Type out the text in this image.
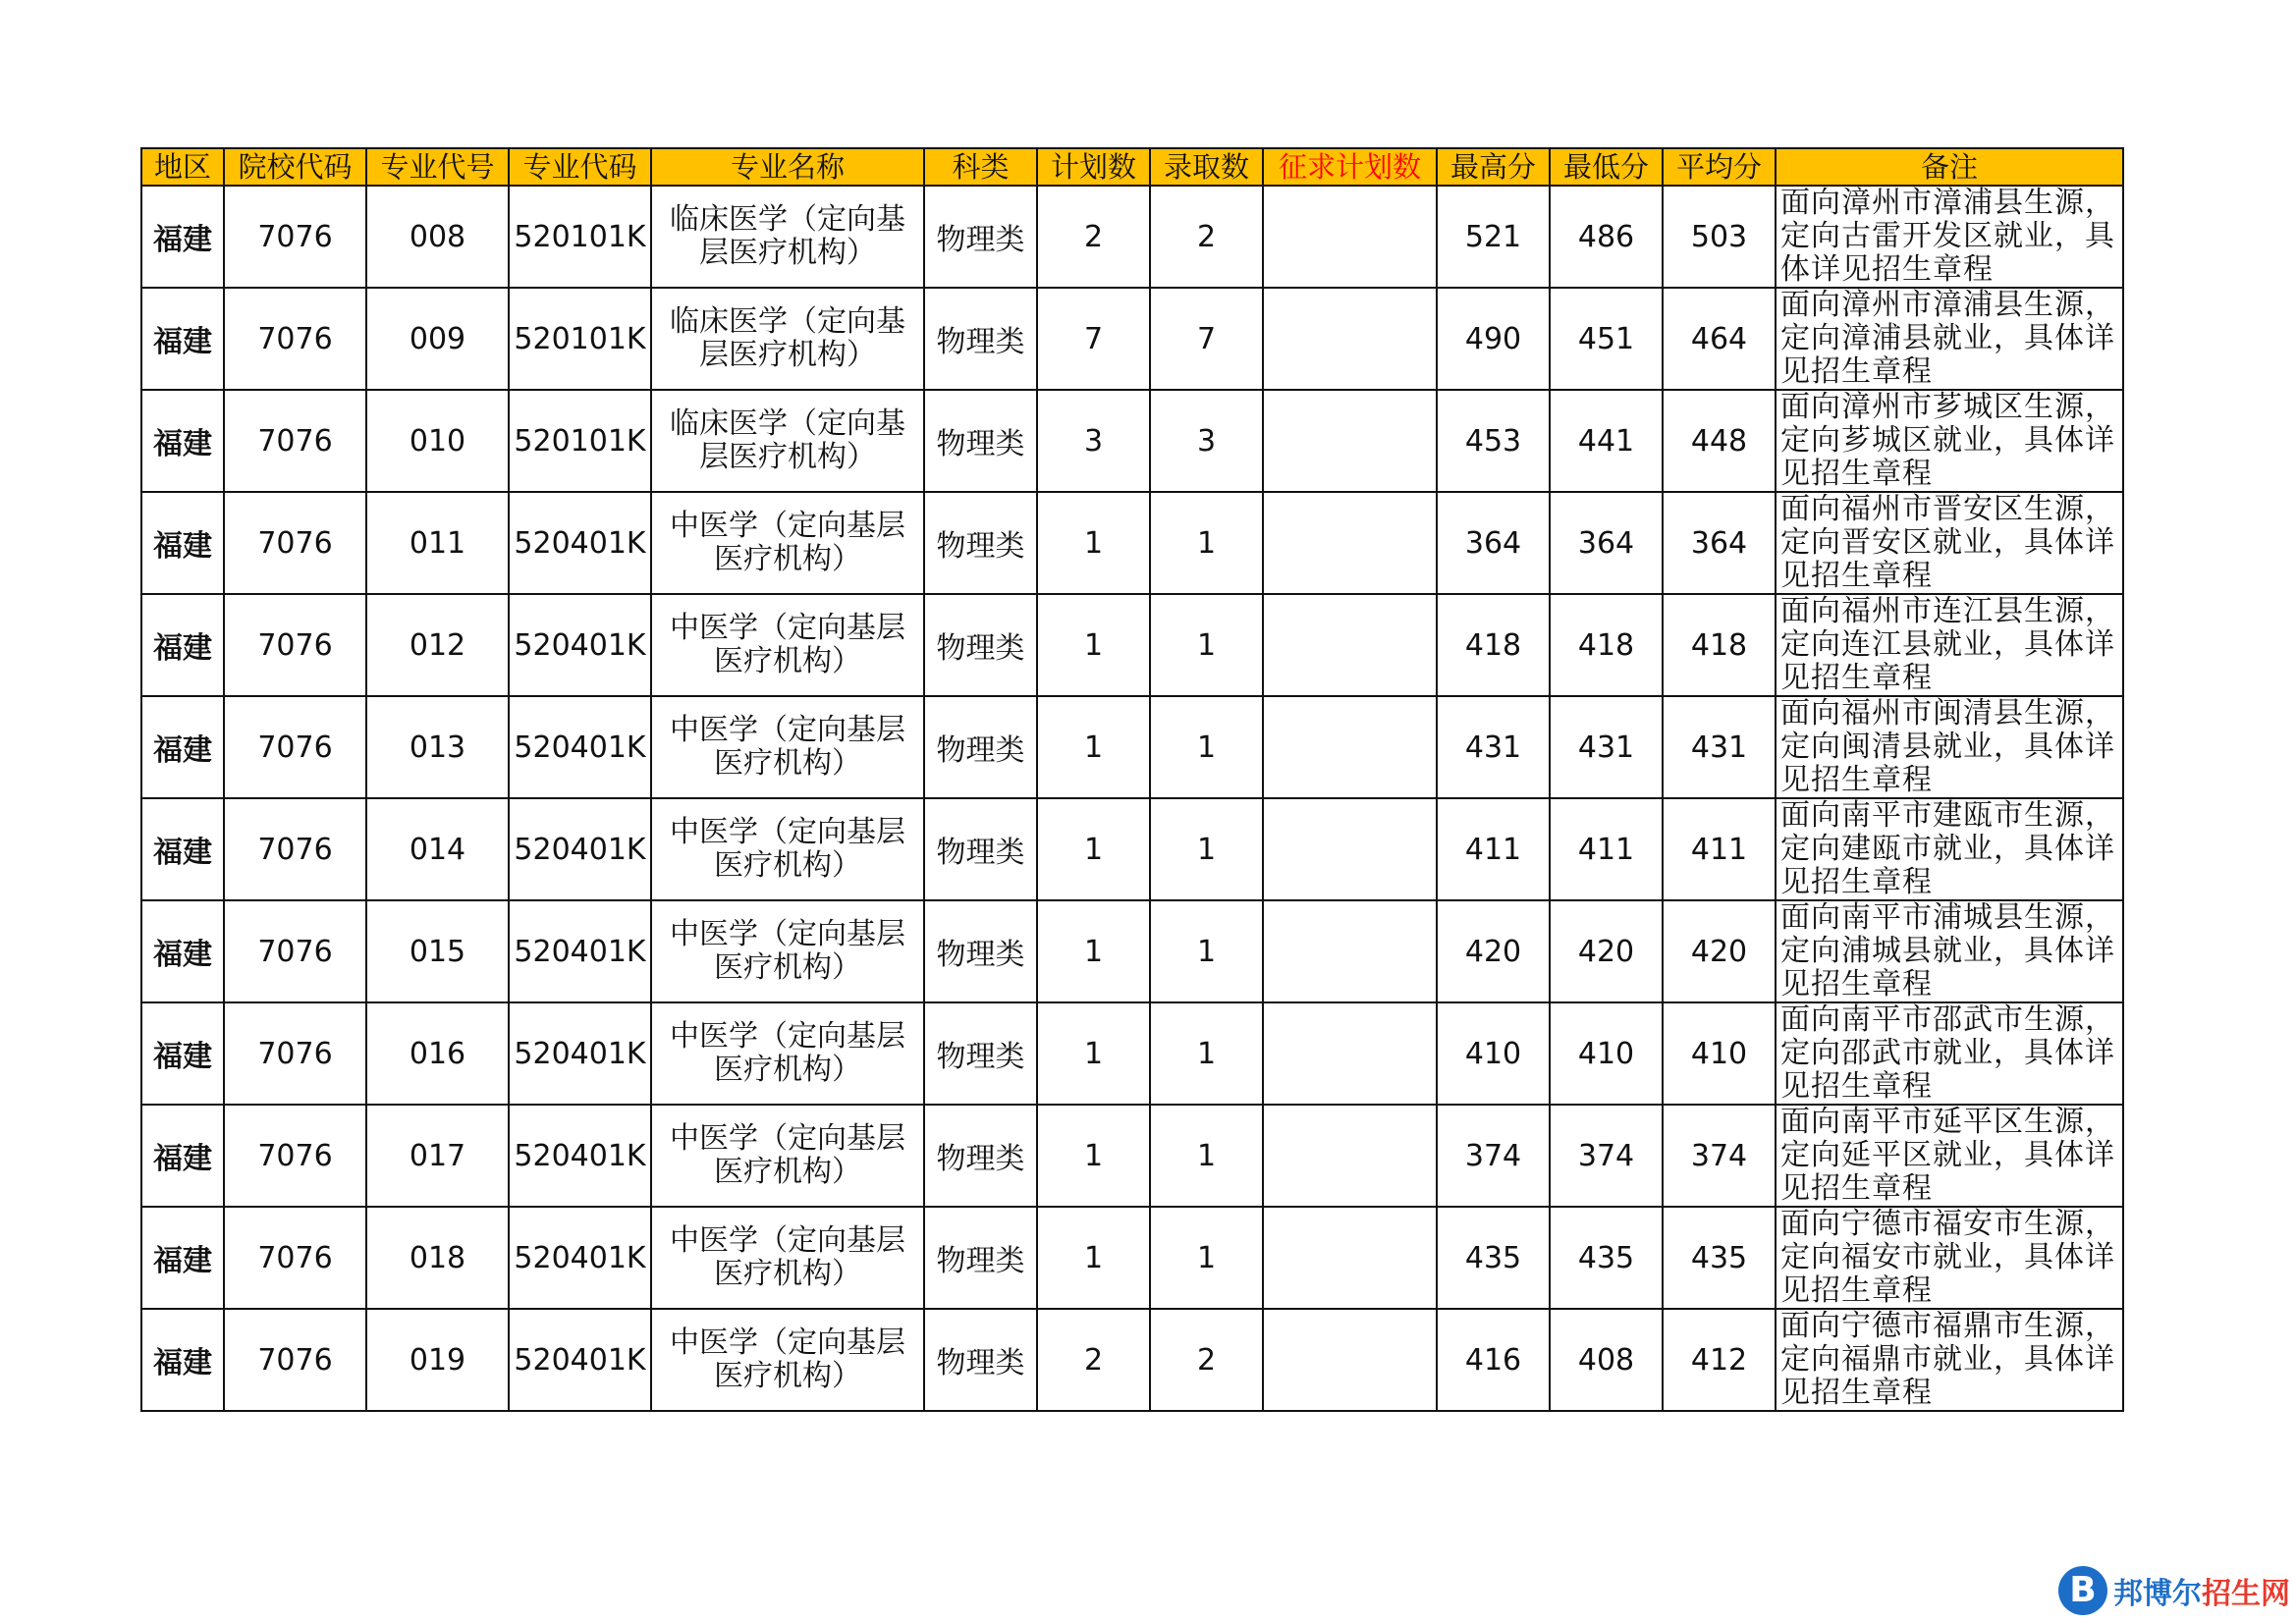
地区	院校代码	专业代号	专业代码	专业名称	科类	计划数	录取数	征求计划数	最高分	最低分	平均分	备注
福建	7076	008	520101K	临床医学（定向基层医疗机构）	物理类	2	2		521	486	503	面向漳州市漳浦县生源，定向古雷开发区就业，具体详见招生章程
福建	7076	009	520101K	临床医学（定向基层医疗机构）	物理类	7	7		490	451	464	面向漳州市漳浦县生源，定向漳浦县就业，具体详见招生章程
福建	7076	010	520101K	临床医学（定向基层医疗机构）	物理类	3	3		453	441	448	面向漳州市芗城区生源，定向芗城区就业，具体详见招生章程
福建	7076	011	520401K	中医学（定向基层医疗机构）	物理类	1	1		364	364	364	面向福州市晋安区生源，定向晋安区就业，具体详见招生章程
福建	7076	012	520401K	中医学（定向基层医疗机构）	物理类	1	1		418	418	418	面向福州市连江县生源，定向连江县就业，具体详见招生章程
福建	7076	013	520401K	中医学（定向基层医疗机构）	物理类	1	1		431	431	431	面向福州市闽清县生源，定向闽清县就业，具体详见招生章程
福建	7076	014	520401K	中医学（定向基层医疗机构）	物理类	1	1		411	411	411	面向南平市建瓯市生源，定向建瓯市就业，具体详见招生章程
福建	7076	015	520401K	中医学（定向基层医疗机构）	物理类	1	1		420	420	420	面向南平市浦城县生源，定向浦城县就业，具体详见招生章程
福建	7076	016	520401K	中医学（定向基层医疗机构）	物理类	1	1		410	410	410	面向南平市邵武市生源，定向邵武市就业，具体详见招生章程
福建	7076	017	520401K	中医学（定向基层医疗机构）	物理类	1	1		374	374	374	面向南平市延平区生源，定向延平区就业，具体详见招生章程
福建	7076	018	520401K	中医学（定向基层医疗机构）	物理类	1	1		435	435	435	面向宁德市福安市生源，定向福安市就业，具体详见招生章程
福建	7076	019	520401K	中医学（定向基层医疗机构）	物理类	2	2		416	408	412	面向宁德市福鼎市生源，定向福鼎市就业，具体详见招生章程
B
邦博尔招生网
